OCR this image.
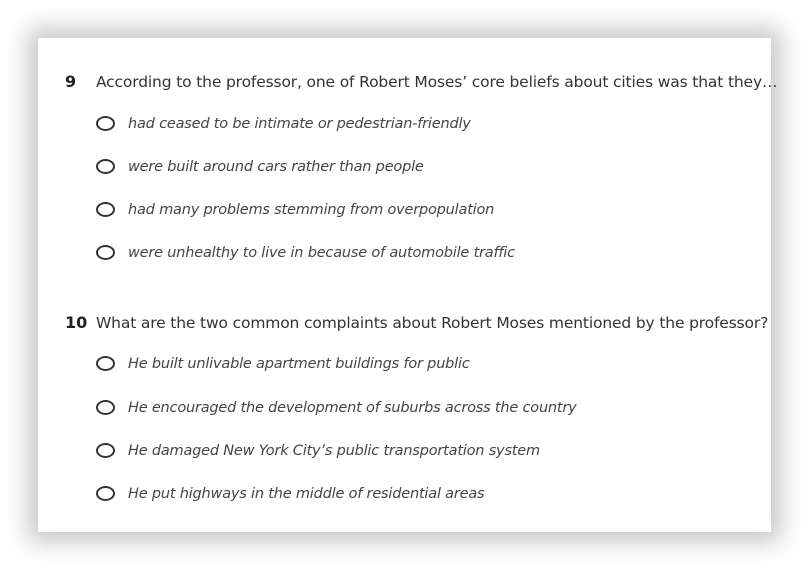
9 According to the professor, one of Robert Moses’ core beliefs about cities was that they…
had ceased to be intimate or pedestrian-friendly
were built around cars rather than people
had many problems stemming from overpopulation
were unhealthy to live in because of automobile traffic
10 What are the two common complaints about Robert Moses mentioned by the professor?
He built unlivable apartment buildings for public
He encouraged the development of suburbs across the country
He damaged New York City’s public transportation system
He put highways in the middle of residential areas
